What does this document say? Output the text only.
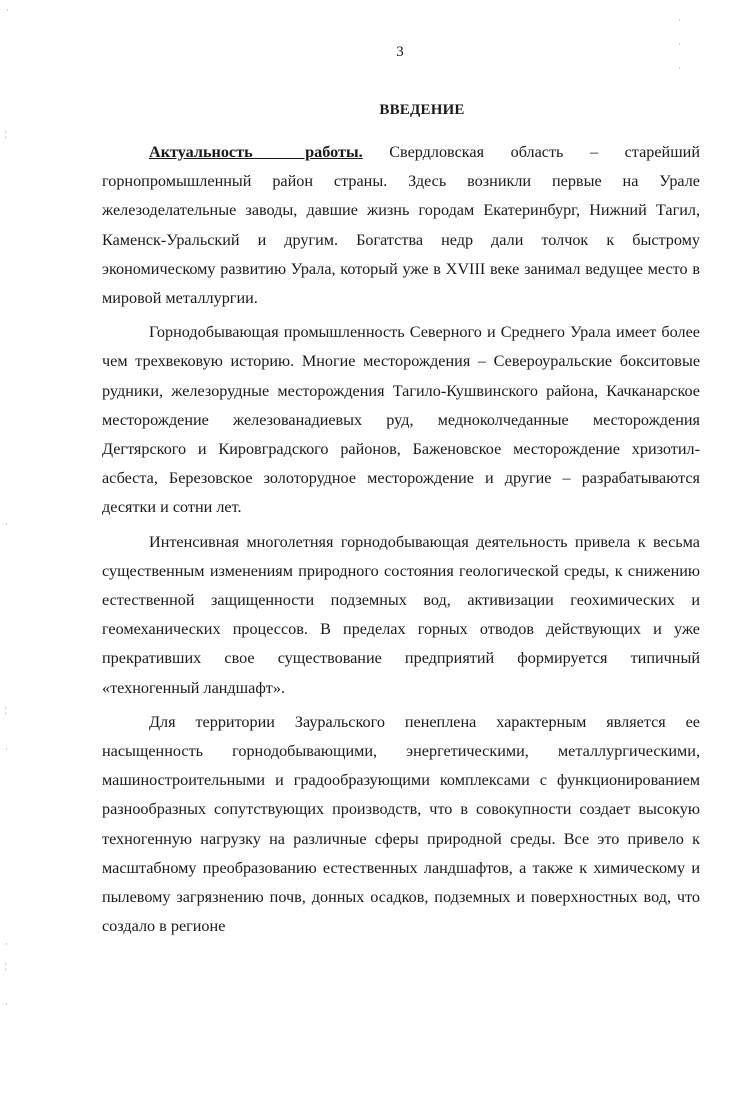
3
ВВЕДЕНИЕ

Актуальность работы. Свердловская область – старейший горнопромышленный район страны. Здесь возникли первые на Урале железоделательные заводы, давшие жизнь городам Екатеринбург, Нижний Тагил, Каменск-Уральский и другим. Богатства недр дали толчок к быстрому экономическому развитию Урала, который уже в XVIII веке занимал ведущее место в мировой металлургии.

Горнодобывающая промышленность Северного и Среднего Урала имеет более чем трехвековую историю. Многие месторождения – Североуральские бокситовые рудники, железорудные месторождения Тагило-Кушвинского района, Качканарское месторождение железованадиевых руд, медноколчеданные месторождения Дегтярского и Кировградского районов, Баженовское месторождение хризотил-асбеста, Березовское золоторудное месторождение и другие – разрабатываются десятки и сотни лет.

Интенсивная многолетняя горнодобывающая деятельность привела к весьма существенным изменениям природного состояния геологической среды, к снижению естественной защищенности подземных вод, активизации геохимических и геомеханических процессов. В пределах горных отводов действующих и уже прекративших свое существование предприятий формируется типичный «техногенный ландшафт».

Для территории Зауральского пенеплена характерным является ее насыщенность горнодобывающими, энергетическими, металлургическими, машиностроительными и градообразующими комплексами с функционированием разнообразных сопутствующих производств, что в совокупности создает высокую техногенную нагрузку на различные сферы природной среды. Все это привело к масштабному преобразованию естественных ландшафтов, а также к химическому и пылевому загрязнению почв, донных осадков, подземных и поверхностных вод, что создало в регионе

·
¦
·
¦
·
·
¦
·
·
·
·
